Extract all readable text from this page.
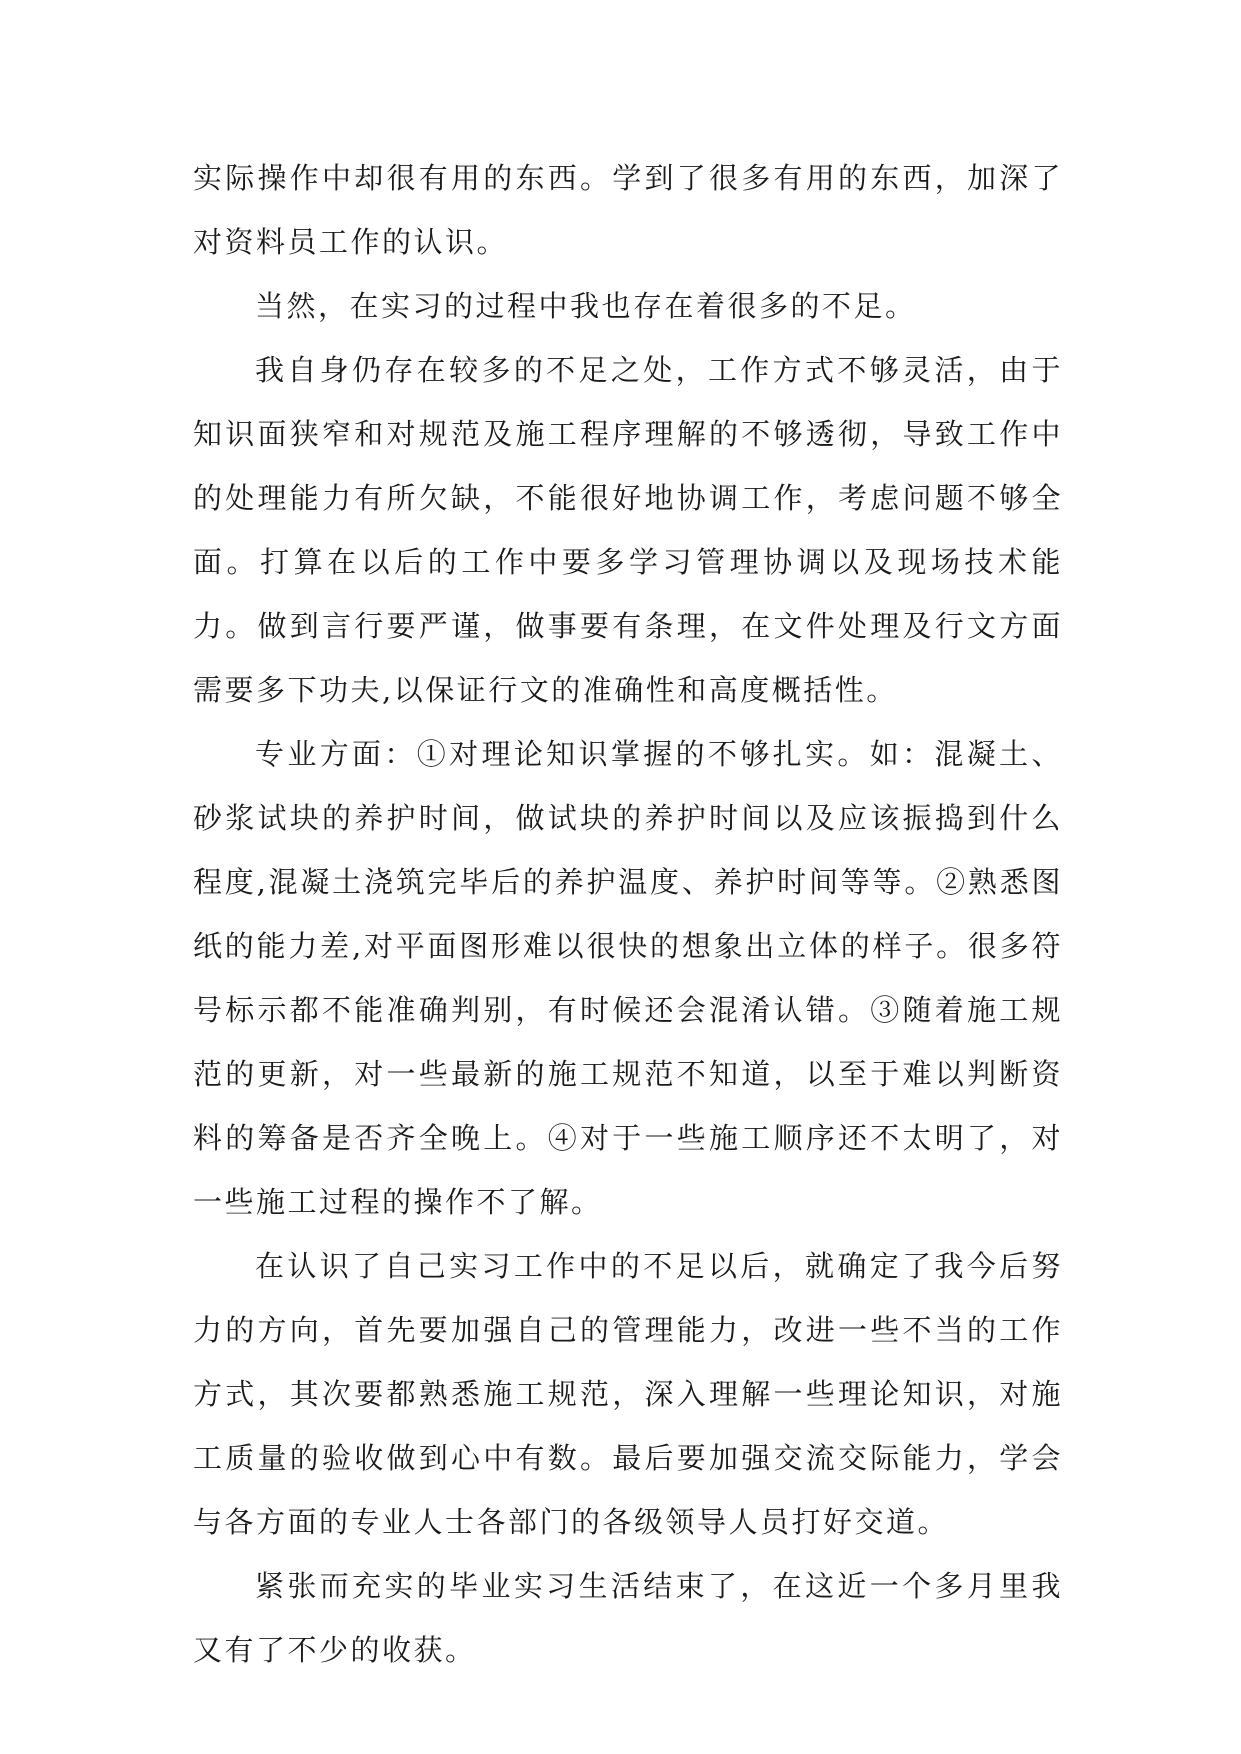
实际操作中却很有用的东西。学到了很多有用的东西，加深了对资料员工作的认识。

当然，在实习的过程中我也存在着很多的不足。

我自身仍存在较多的不足之处，工作方式不够灵活，由于知识面狭窄和对规范及施工程序理解的不够透彻，导致工作中的处理能力有所欠缺，不能很好地协调工作，考虑问题不够全面。打算在以后的工作中要多学习管理协调以及现场技术能力。做到言行要严谨，做事要有条理，在文件处理及行文方面需要多下功夫,以保证行文的准确性和高度概括性。

专业方面：①对理论知识掌握的不够扎实。如：混凝土、砂浆试块的养护时间，做试块的养护时间以及应该振捣到什么程度,混凝土浇筑完毕后的养护温度、养护时间等等。②熟悉图纸的能力差,对平面图形难以很快的想象出立体的样子。很多符号标示都不能准确判别，有时候还会混淆认错。③随着施工规范的更新，对一些最新的施工规范不知道，以至于难以判断资料的筹备是否齐全晚上。④对于一些施工顺序还不太明了，对一些施工过程的操作不了解。

在认识了自己实习工作中的不足以后，就确定了我今后努力的方向，首先要加强自己的管理能力，改进一些不当的工作方式，其次要都熟悉施工规范，深入理解一些理论知识，对施工质量的验收做到心中有数。最后要加强交流交际能力，学会与各方面的专业人士各部门的各级领导人员打好交道。

紧张而充实的毕业实习生活结束了，在这近一个多月里我又有了不少的收获。
